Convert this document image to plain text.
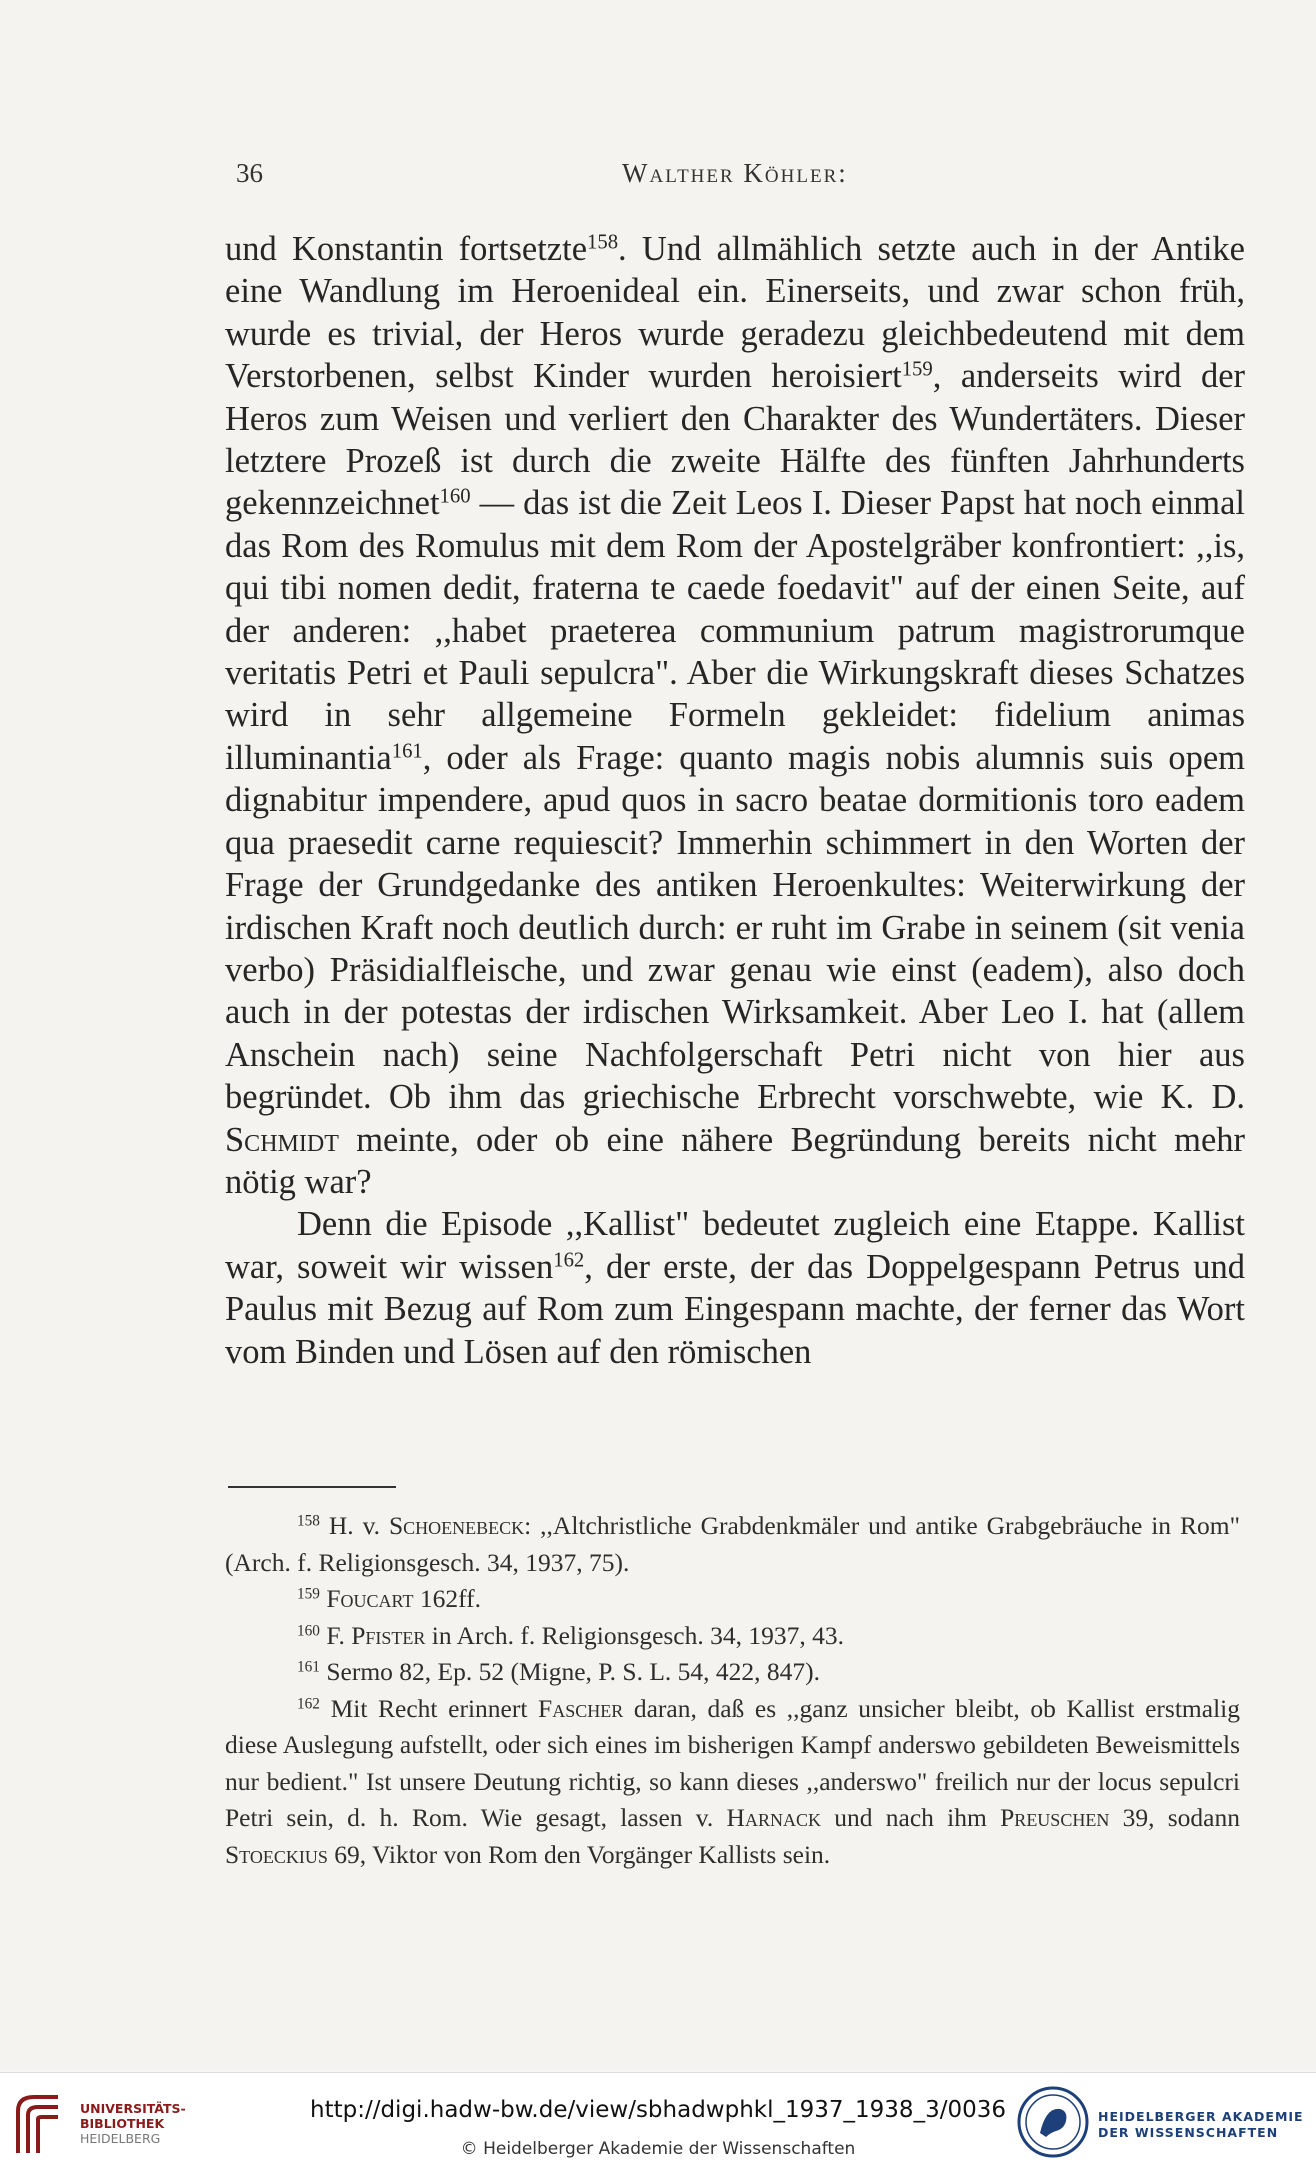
36	Walther Köhler:

und Konstantin fortsetzte$^{158}$. Und allmählich setzte auch in der Antike eine Wandlung im Heroenideal ein. Einerseits, und zwar schon früh, wurde es trivial, der Heros wurde geradezu gleichbedeutend mit dem Verstorbenen, selbst Kinder wurden heroisiert$^{159}$, anderseits wird der Heros zum Weisen und verliert den Charakter des Wundertäters. Dieser letztere Prozeß ist durch die zweite Hälfte des fünften Jahrhunderts gekennzeichnet$^{160}$ — das ist die Zeit Leos I. Dieser Papst hat noch einmal das Rom des Romulus mit dem Rom der Apostelgräber konfrontiert: ,,is, qui tibi nomen dedit, fraterna te caede foedavit" auf der einen Seite, auf der anderen: ,,habet praeterea communium patrum magistrorumque veritatis Petri et Pauli sepulcra". Aber die Wirkungskraft dieses Schatzes wird in sehr allgemeine Formeln gekleidet: fidelium animas illuminantia$^{161}$, oder als Frage: quanto magis nobis alumnis suis opem dignabitur impendere, apud quos in sacro beatae dormitionis toro eadem qua praesedit carne requiescit? Immerhin schimmert in den Worten der Frage der Grundgedanke des antiken Heroenkultes: Weiterwirkung der irdischen Kraft noch deutlich durch: er ruht im Grabe in seinem (sit venia verbo) Präsidialfleische, und zwar genau wie einst (eadem), also doch auch in der potestas der irdischen Wirksamkeit. Aber Leo I. hat (allem Anschein nach) seine Nachfolgerschaft Petri nicht von hier aus begründet. Ob ihm das griechische Erbrecht vorschwebte, wie K. D. Schmidt meinte, oder ob eine nähere Begründung bereits nicht mehr nötig war?

Denn die Episode ,,Kallist" bedeutet zugleich eine Etappe. Kallist war, soweit wir wissen$^{162}$, der erste, der das Doppelgespann Petrus und Paulus mit Bezug auf Rom zum Eingespann machte, der ferner das Wort vom Binden und Lösen auf den römischen

$^{158}$ H. v. Schoenebeck: ,,Altchristliche Grabdenkmäler und antike Grabgebräuche in Rom" (Arch. f. Religionsgesch. 34, 1937, 75).

$^{159}$ Foucart 162ff.

$^{160}$ F. Pfister in Arch. f. Religionsgesch. 34, 1937, 43.

$^{161}$ Sermo 82, Ep. 52 (Migne, P. S. L. 54, 422, 847).

$^{162}$ Mit Recht erinnert Fascher daran, daß es ,,ganz unsicher bleibt, ob Kallist erstmalig diese Auslegung aufstellt, oder sich eines im bisherigen Kampf anderswo gebildeten Beweismittels nur bedient." Ist unsere Deutung richtig, so kann dieses ,,anderswo" freilich nur der locus sepulcri Petri sein, d. h. Rom. Wie gesagt, lassen v. Harnack und nach ihm Preuschen 39, sodann Stoeckius 69, Viktor von Rom den Vorgänger Kallists sein.

UNIVERSITÄTS-
BIBLIOTHEK
HEIDELBERG
http://digi.hadw-bw.de/view/sbhadwphkl_1937_1938_3/0036
© Heidelberger Akademie der Wissenschaften
HEIDELBERGER AKADEMIE
DER WISSENSCHAFTEN
